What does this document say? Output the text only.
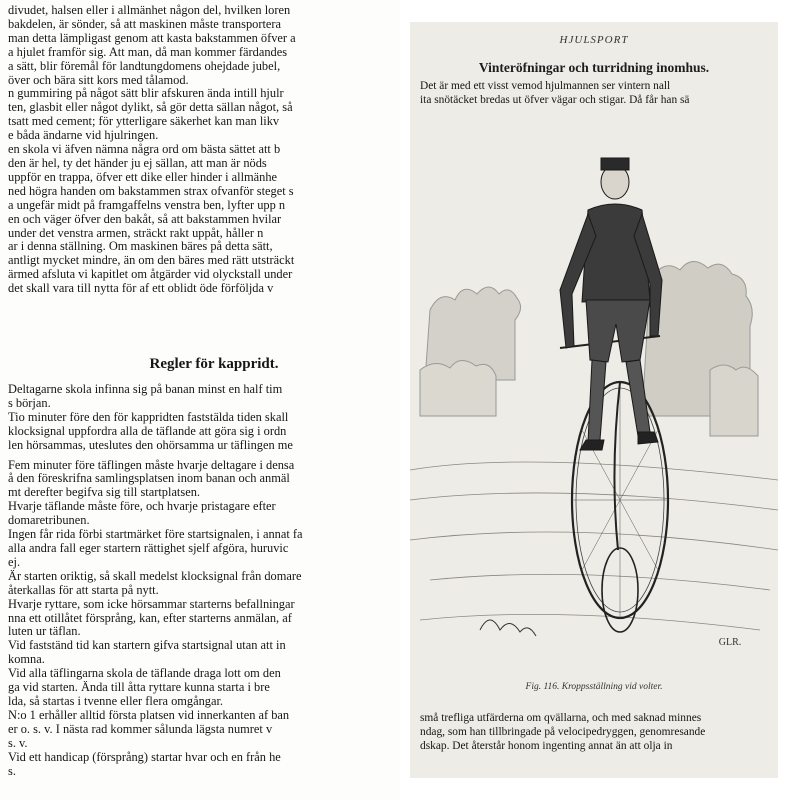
divudet, halsen eller i allmänhet någon del, hvilken loren
bakdelen, är sönder, så att maskinen måste transportera
man detta lämpligast genom att kasta bakstammen öfver a
a hjulet framför sig. Att man, då man kommer färdandes
a sätt, blir föremål för landtungdomens ohejdade jubel,
över och bära sitt kors med tålamod.
n gummiring på något sätt blir afskuren ända intill hjulr
ten, glasbit eller något dylikt, så gör detta sällan något, så
tsatt med cement; för ytterligare säkerhet kan man likv
e båda ändarne vid hjulringen.
en skola vi äfven nämna några ord om bästa sättet att b
den är hel, ty det händer ju ej sällan, att man är nöds
uppför en trappa, öfver ett dike eller hinder i allmänhe
ned högra handen om bakstammen strax ofvanför steget s
a ungefär midt på framgaffelns venstra ben, lyfter upp n
en och väger öfver den bakåt, så att bakstammen hvilar
under det venstra armen, sträckt rakt uppåt, håller n
ar i denna ställning. Om maskinen bäres på detta sätt,
antligt mycket mindre, än om den bäres med rätt utsträckt
ärmed afsluta vi kapitlet om åtgärder vid olyckstall under
det skall vara till nytta för af ett oblidt öde förföljda v
Regler för kappridt.
Deltagarne skola infinna sig på banan minst en half tim
s början.
Tio minuter före den för kappridten faststälda tiden skall
klocksignal uppfordra alla de täflande att göra sig i ordn
len hörsammas, uteslutes den ohörsamma ur täflingen me
Fem minuter före täflingen måste hvarje deltagare i densa
å den föreskrifna samlingsplatsen inom banan och anmäl
mt derefter begifva sig till startplatsen.
Hvarje täflande måste före, och hvarje pristagare efter
domaretribunen.
Ingen får rida förbi startmärket före startsignalen, i annat fa
alla andra fall eger startern rättighet sjelf afgöra, huruvic
ej.
Är starten oriktig, så skall medelst klocksignal från domare
återkallas för att starta på nytt.
Hvarje ryttare, som icke hörsammar starterns befallningar
nna ett otillåtet försprång, kan, efter starterns anmälan, af
luten ur täflan.
Vid fastständ tid kan startern gifva startsignal utan att in
komna.
Vid alla täflingarna skola de täflande draga lott om den
ga vid starten. Ända till åtta ryttare kunna starta i bre
lda, så startas i tvenne eller flera omgångar.
N:o 1 erhåller alltid första platsen vid innerkanten af ban
er o. s. v. I nästa rad kommer sålunda lägsta numret v
s. v.
Vid ett handicap (försprång) startar hvar och en från he
s.
HJULSPORT
Vinteröfningar och turridning inomhus.
Det är med ett visst vemod hjulmannen ser vintern nall
ita snötäcket bredas ut öfver vägar och stigar. Då får han sä
GLR.
Fig. 116. Kroppsställning vid volter.
små trefliga utfärderna om qvällarna, och med saknad minnes
ndag, som han tillbringade på velocipedryggen, genomresande
dskap. Det återstår honom ingenting annat än att olja in
